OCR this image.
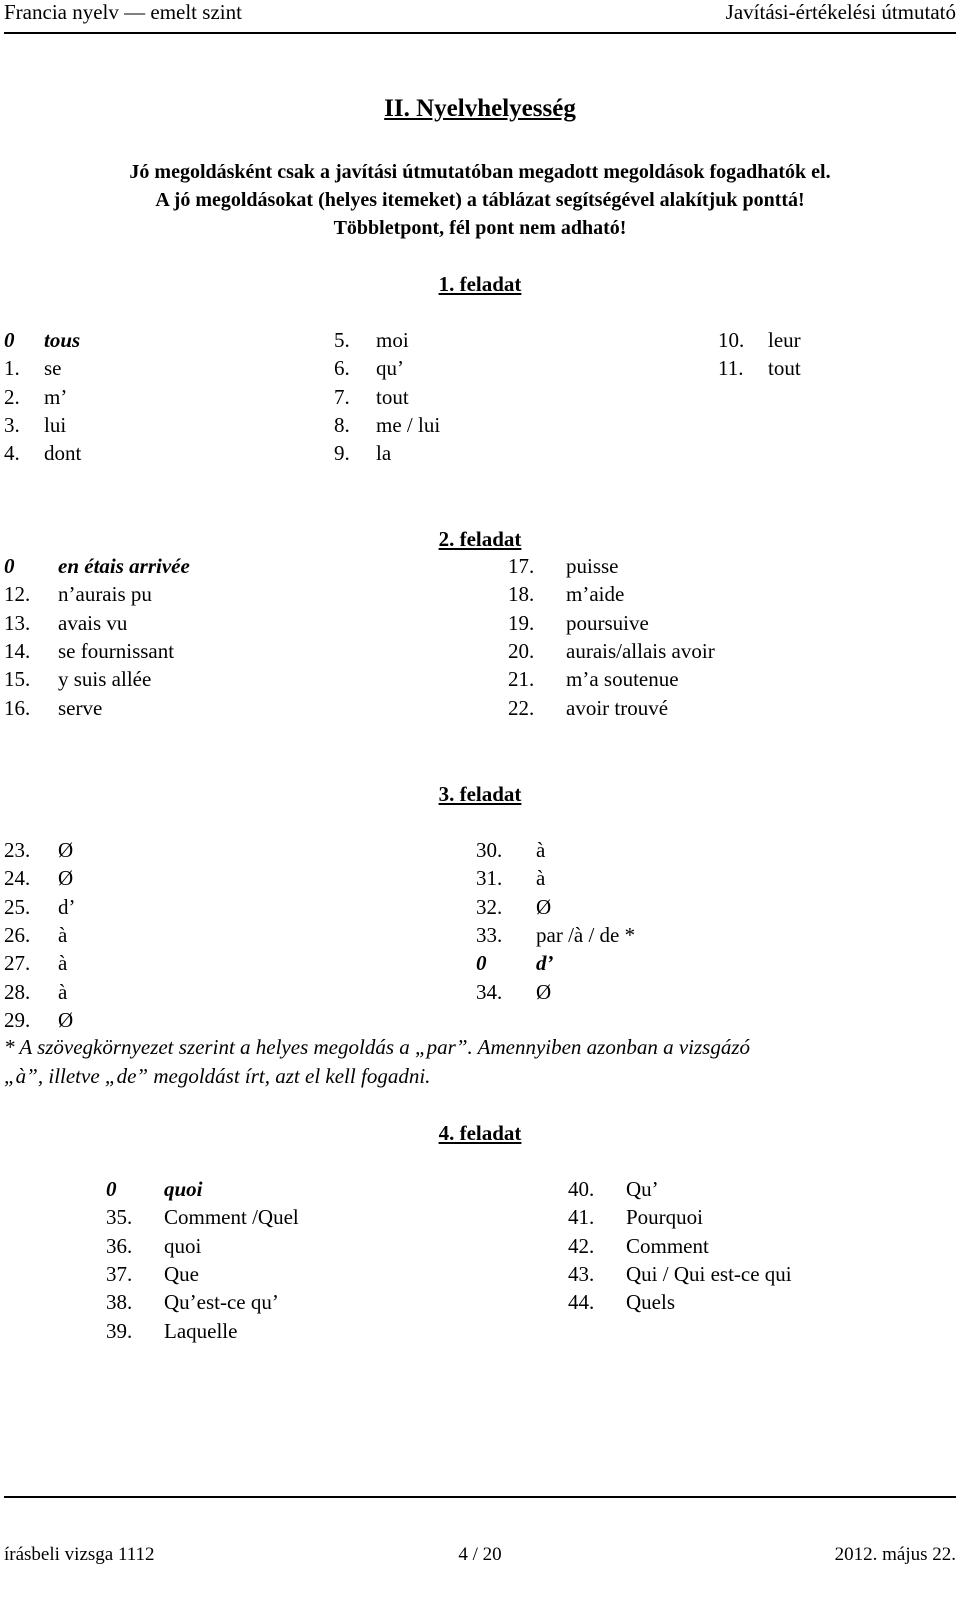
Francia nyelv — emelt szint	Javítási-értékelési útmutató
II. Nyelvhelyesség
Jó megoldásként csak a javítási útmutatóban megadott megoldások fogadhatók el.
A jó megoldásokat (helyes itemeket) a táblázat segítségével alakítjuk ponttá!
Többletpont, fél pont nem adható!
1. feladat
2. feladat
3. feladat
4. feladat
0 tous
1. se
2. m’
3. lui
4. dont
5. moi
6. qu’
7. tout
8. me / lui
9. la
10. leur
11. tout
0 en étais arrivée
12. n’aurais pu
13. avais vu
14. se fournissant
15. y suis allée
16. serve
17. puisse
18. m’aide
19. poursuive
20. aurais/allais avoir
21. m’a soutenue
22. avoir trouvé
23. Ø
24. Ø
25. d’
26. à
27. à
28. à
29. Ø
30. à
31. à
32. Ø
33. par /à / de *
0 d’
34. Ø
0 quoi
35. Comment /Quel
36. quoi
37. Que
38. Qu’est-ce qu’
39. Laquelle
40. Qu’
41. Pourquoi
42. Comment
43. Qui / Qui est-ce qui
44. Quels
* A szövegkörnyezet szerint a helyes megoldás a „par”. Amennyiben azonban a vizsgázó
„à”, illetve „de” megoldást írt, azt el kell fogadni.
írásbeli vizsga 1112	4 / 20	2012. május 22.
